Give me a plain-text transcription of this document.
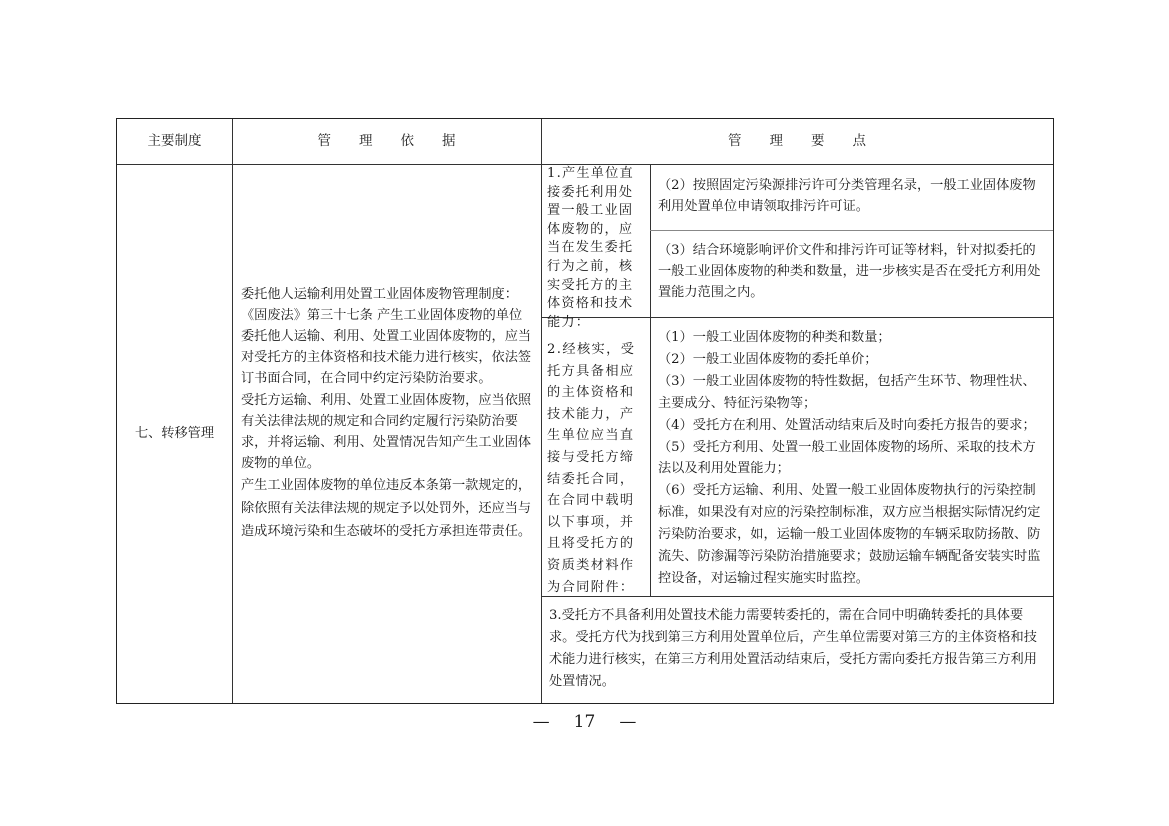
主要制度	管理依据	管理要点
七、转移管理

委托他人运输利用处置工业固体废物管理制度：

《固废法》第三十七条 产生工业固体废物的单位委托他人运输、利用、处置工业固体废物的，应当对受托方的主体资格和技术能力进行核实，依法签订书面合同，在合同中约定污染防治要求。

受托方运输、利用、处置工业固体废物，应当依照有关法律法规的规定和合同约定履行污染防治要求，并将运输、利用、处置情况告知产生工业固体废物的单位。

产生工业固体废物的单位违反本条第一款规定的，除依照有关法律法规的规定予以处罚外，还应当与造成环境污染和生态破坏的受托方承担连带责任。

1.产生单位直接委托利用处置一般工业固体废物的，应当在发生委托行为之前，核实受托方的主体资格和技术能力：
（2）按照固定污染源排污许可分类管理名录，一般工业固体废物利用处置单位申请领取排污许可证。
（3）结合环境影响评价文件和排污许可证等材料，针对拟委托的一般工业固体废物的种类和数量，进一步核实是否在受托方利用处置能力范围之内。
2.经核实，受托方具备相应的主体资格和技术能力，产生单位应当直接与受托方缔结委托合同，在合同中载明以下事项，并且将受托方的资质类材料作为合同附件：

（1）一般工业固体废物的种类和数量；

（2）一般工业固体废物的委托单价；

（3）一般工业固体废物的特性数据，包括产生环节、物理性状、主要成分、特征污染物等；

（4）受托方在利用、处置活动结束后及时向委托方报告的要求；

（5）受托方利用、处置一般工业固体废物的场所、采取的技术方法以及利用处置能力；

（6）受托方运输、利用、处置一般工业固体废物执行的污染控制标准，如果没有对应的污染控制标准，双方应当根据实际情况约定污染防治要求，如，运输一般工业固体废物的车辆采取防扬散、防流失、防渗漏等污染防治措施要求；鼓励运输车辆配备安装实时监控设备，对运输过程实施实时监控。

3.受托方不具备利用处置技术能力需要转委托的，需在合同中明确转委托的具体要求。受托方代为找到第三方利用处置单位后，产生单位需要对第三方的主体资格和技术能力进行核实，在第三方利用处置活动结束后，受托方需向委托方报告第三方利用处置情况。
— 17 —
